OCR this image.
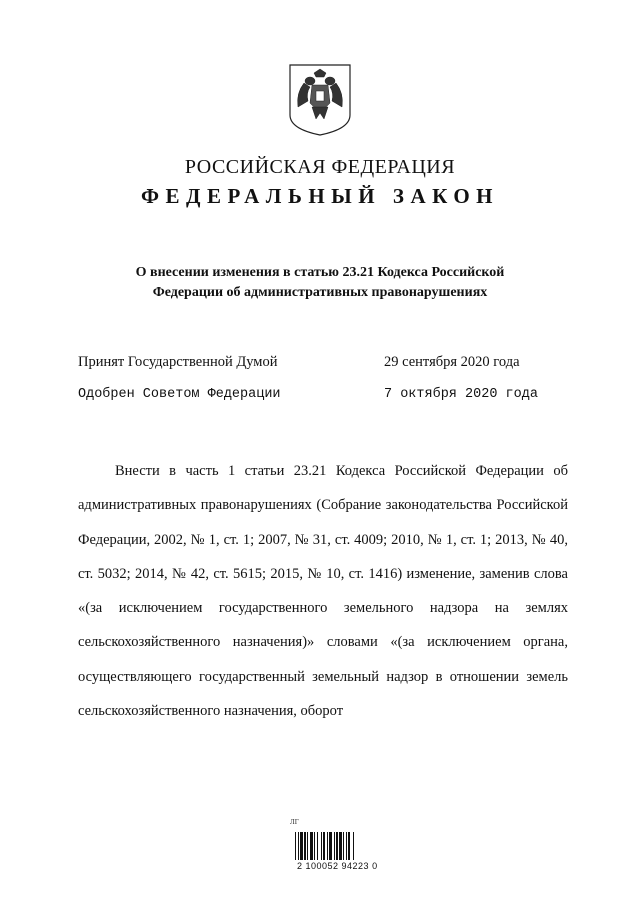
РОССИЙСКАЯ ФЕДЕРАЦИЯ
ФЕДЕРАЛЬНЫЙ ЗАКОН
О внесении изменения в статью 23.21 Кодекса Российской
Федерации об административных правонарушениях
Принят Государственной Думой	29 сентября 2020 года
Одобрен Советом Федерации	7 октября 2020 года
Внести в часть 1 статьи 23.21 Кодекса Российской Федерации об административных правонарушениях (Собрание законодательства Российской Федерации, 2002, № 1, ст. 1; 2007, № 31, ст. 4009; 2010, № 1, ст. 1; 2013, № 40, ст. 5032; 2014, № 42, ст. 5615; 2015, № 10, ст. 1416) изменение, заменив слова «(за исключением государственного земельного надзора на землях сельскохозяйственного назначения)» словами «(за исключением органа, осуществляющего государственный земельный надзор в отношении земель сельскохозяйственного назначения, оборот
ЛГ
2 100052 94223 0
